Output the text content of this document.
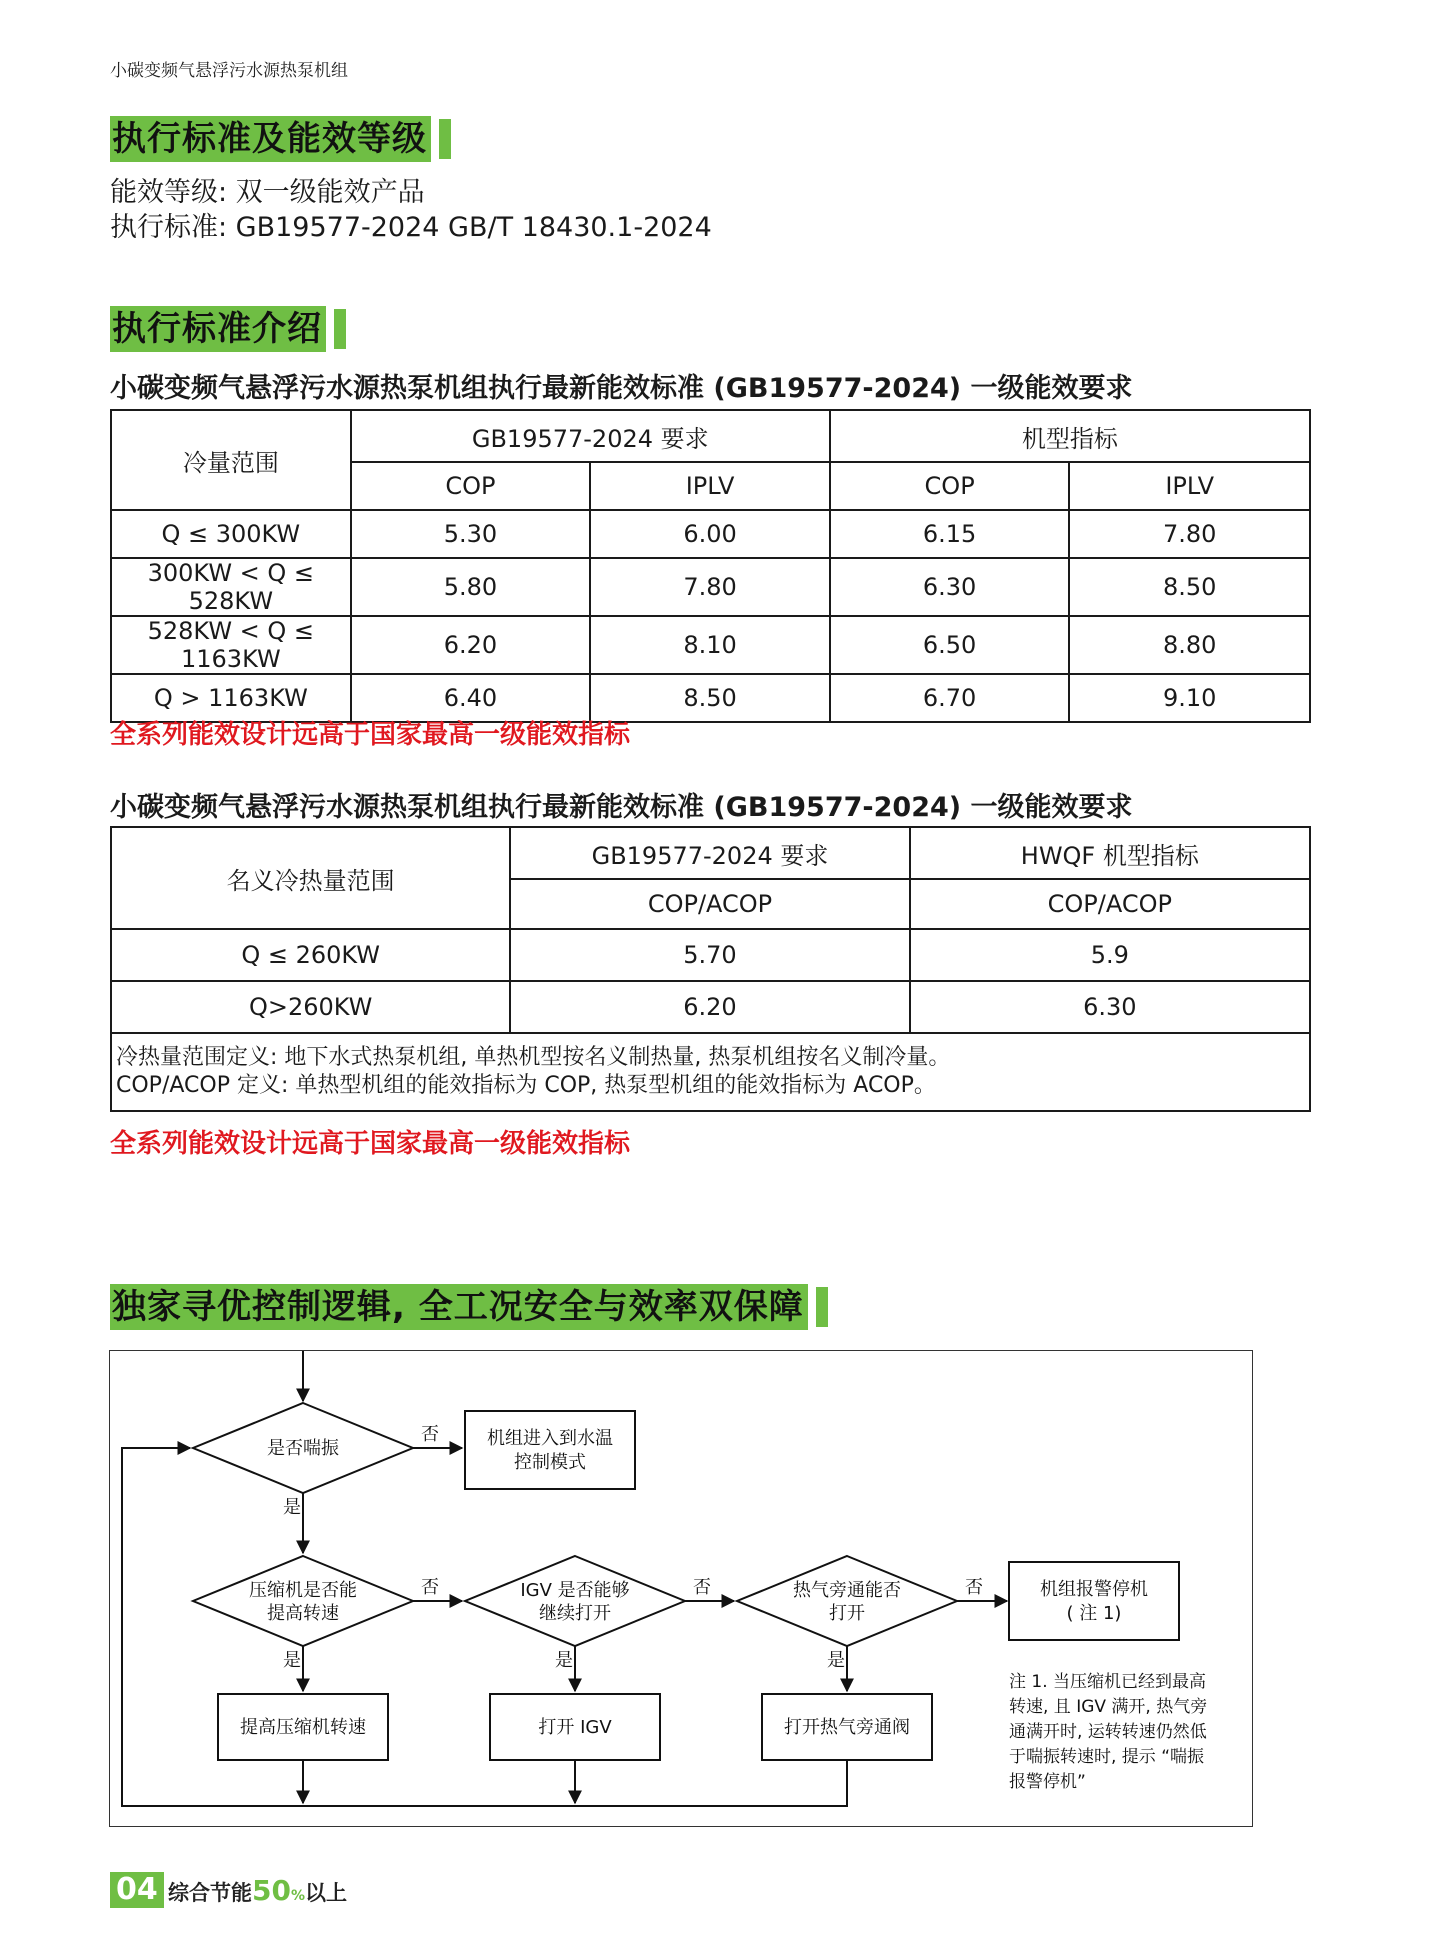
小碳变频气悬浮污水源热泵机组
执行标准及能效等级
能效等级: 双一级能效产品
执行标准: GB19577-2024 GB/T 18430.1-2024
执行标准介绍
小碳变频气悬浮污水源热泵机组执行最新能效标准 (GB19577-2024) 一级能效要求
冷量范围	GB19577-2024 要求		机型指标	
	COP	IPLV	COP	IPLV
Q ≤ 300KW	5.30	6.00	6.15	7.80
300KW < Q ≤ 528KW	5.80	7.80	6.30	8.50
528KW < Q ≤ 1163KW	6.20	8.10	6.50	8.80
Q > 1163KW	6.40	8.50	6.70	9.10
全系列能效设计远高于国家最高一级能效指标
小碳变频气悬浮污水源热泵机组执行最新能效标准 (GB19577-2024) 一级能效要求
名义冷热量范围	GB19577-2024 要求	HWQF 机型指标
	COP/ACOP	COP/ACOP
Q ≤ 260KW	5.70	5.9
Q>260KW	6.20	6.30

冷热量范围定义: 地下水式热泵机组, 单热机型按名义制热量, 热泵机组按名义制冷量。
COP/ACOP 定义: 单热型机组的能效指标为 COP, 热泵型机组的能效指标为 ACOP。		
全系列能效设计远高于国家最高一级能效指标
独家寻优控制逻辑, 全工况安全与效率双保障
是否喘振	机组进入到水温
控制模式
压缩机是否能
提高转速
IGV 是否能够
继续打开
热气旁通能否
打开
机组报警停机
( 注 1)
提高压缩机转速	打开 IGV	打开热气旁通阀
否
否	否	否
是
是	是	是
注 1. 当压缩机已经到最高
转速, 且 IGV 满开, 热气旁
通满开时, 运转转速仍然低
于喘振转速时, 提示 “喘振
报警停机”
04 综合节能50%以上
